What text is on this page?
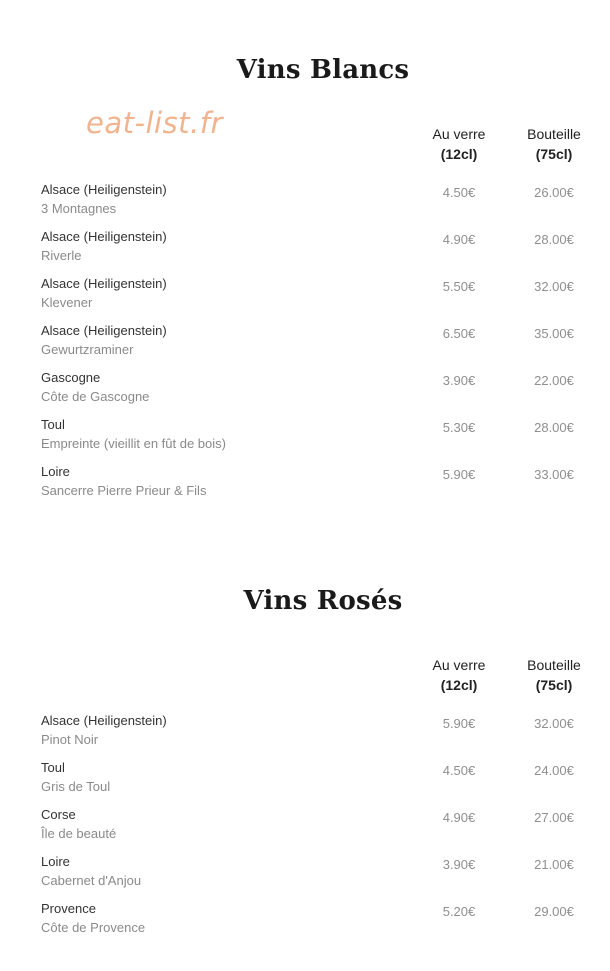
eat-list.fr
Vins Blancs
Au verre
(12cl)
Bouteille
(75cl)
Alsace (Heiligenstein)
3 Montagnes
4.50€	26.00€
Alsace (Heiligenstein)
Riverle
4.90€	28.00€
Alsace (Heiligenstein)
Klevener
5.50€	32.00€
Alsace (Heiligenstein)
Gewurtzraminer
6.50€	35.00€
Gascogne
Côte de Gascogne
3.90€	22.00€
Toul
Empreinte (vieillit en fût de bois)
5.30€	28.00€
Loire
Sancerre Pierre Prieur & Fils
5.90€	33.00€
Vins Rosés
Au verre
(12cl)
Bouteille
(75cl)
Alsace (Heiligenstein)
Pinot Noir
5.90€	32.00€
Toul
Gris de Toul
4.50€	24.00€
Corse
Île de beauté
4.90€	27.00€
Loire
Cabernet d'Anjou
3.90€	21.00€
Provence
Côte de Provence
5.20€	29.00€
